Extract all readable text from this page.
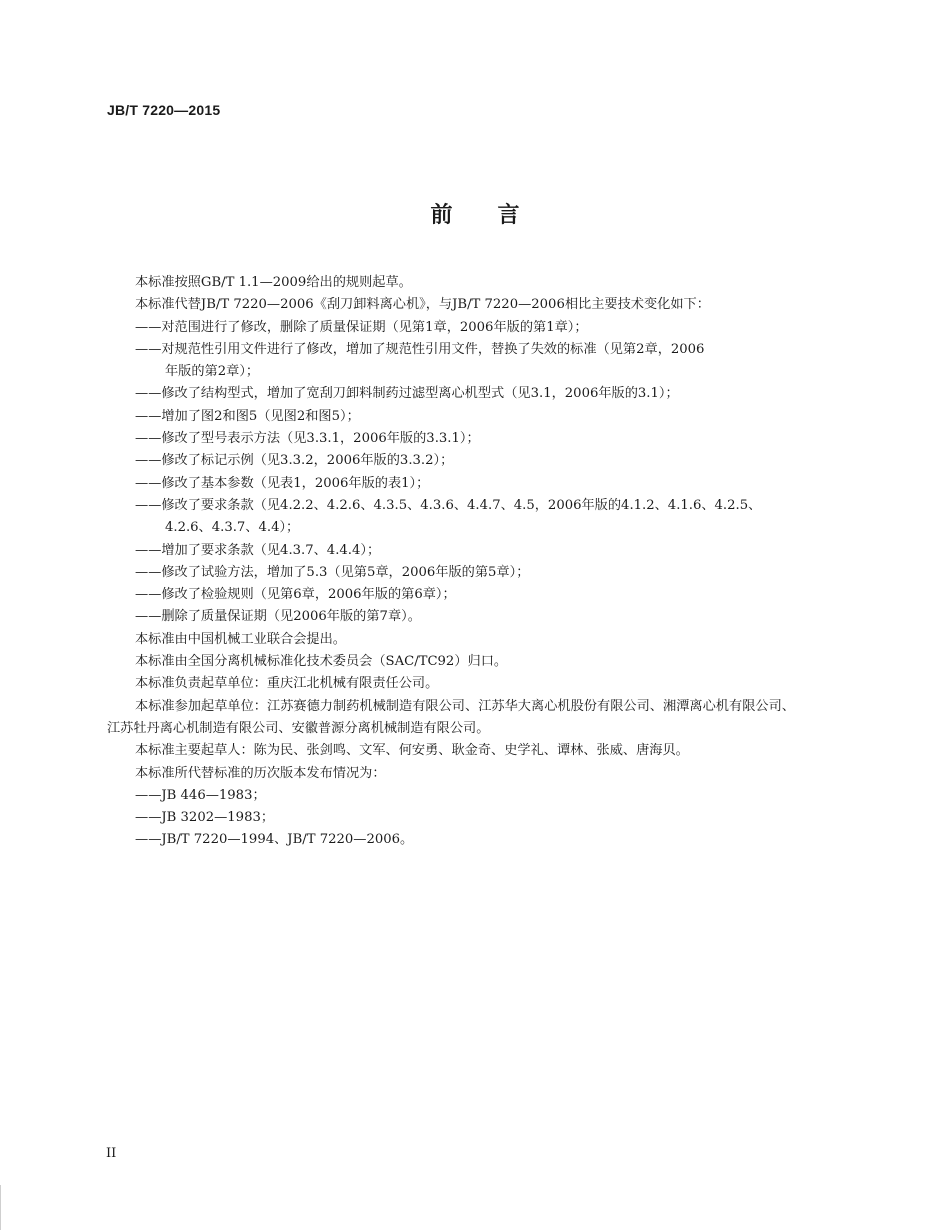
JB/T 7220—2015
前言

本标准按照GB/T 1.1—2009给出的规则起草。

本标准代替JB/T 7220—2006《刮刀卸料离心机》，与JB/T 7220—2006相比主要技术变化如下：

——对范围进行了修改，删除了质量保证期（见第1章，2006年版的第1章）；
——对规范性引用文件进行了修改，增加了规范性引用文件，替换了失效的标准（见第2章，2006
年版的第2章）；
——修改了结构型式，增加了宽刮刀卸料制药过滤型离心机型式（见3.1，2006年版的3.1）；
——增加了图2和图5（见图2和图5）；
——修改了型号表示方法（见3.3.1，2006年版的3.3.1）；
——修改了标记示例（见3.3.2，2006年版的3.3.2）；
——修改了基本参数（见表1，2006年版的表1）；
——修改了要求条款（见4.2.2、4.2.6、4.3.5、4.3.6、4.4.7、4.5，2006年版的4.1.2、4.1.6、4.2.5、
4.2.6、4.3.7、4.4）；
——增加了要求条款（见4.3.7、4.4.4）；
——修改了试验方法，增加了5.3（见第5章，2006年版的第5章）；
——修改了检验规则（见第6章，2006年版的第6章）；
——删除了质量保证期（见2006年版的第7章）。

本标准由中国机械工业联合会提出。

本标准由全国分离机械标准化技术委员会（SAC/TC92）归口。

本标准负责起草单位：重庆江北机械有限责任公司。

本标准参加起草单位：江苏赛德力制药机械制造有限公司、江苏华大离心机股份有限公司、湘潭离心机有限公司、江苏牡丹离心机制造有限公司、安徽普源分离机械制造有限公司。

本标准主要起草人：陈为民、张剑鸣、文军、何安勇、耿金奇、史学礼、谭林、张威、唐海贝。

本标准所代替标准的历次版本发布情况为：

——JB 446—1983；
——JB 3202—1983；
——JB/T 7220—1994、JB/T 7220—2006。
II
